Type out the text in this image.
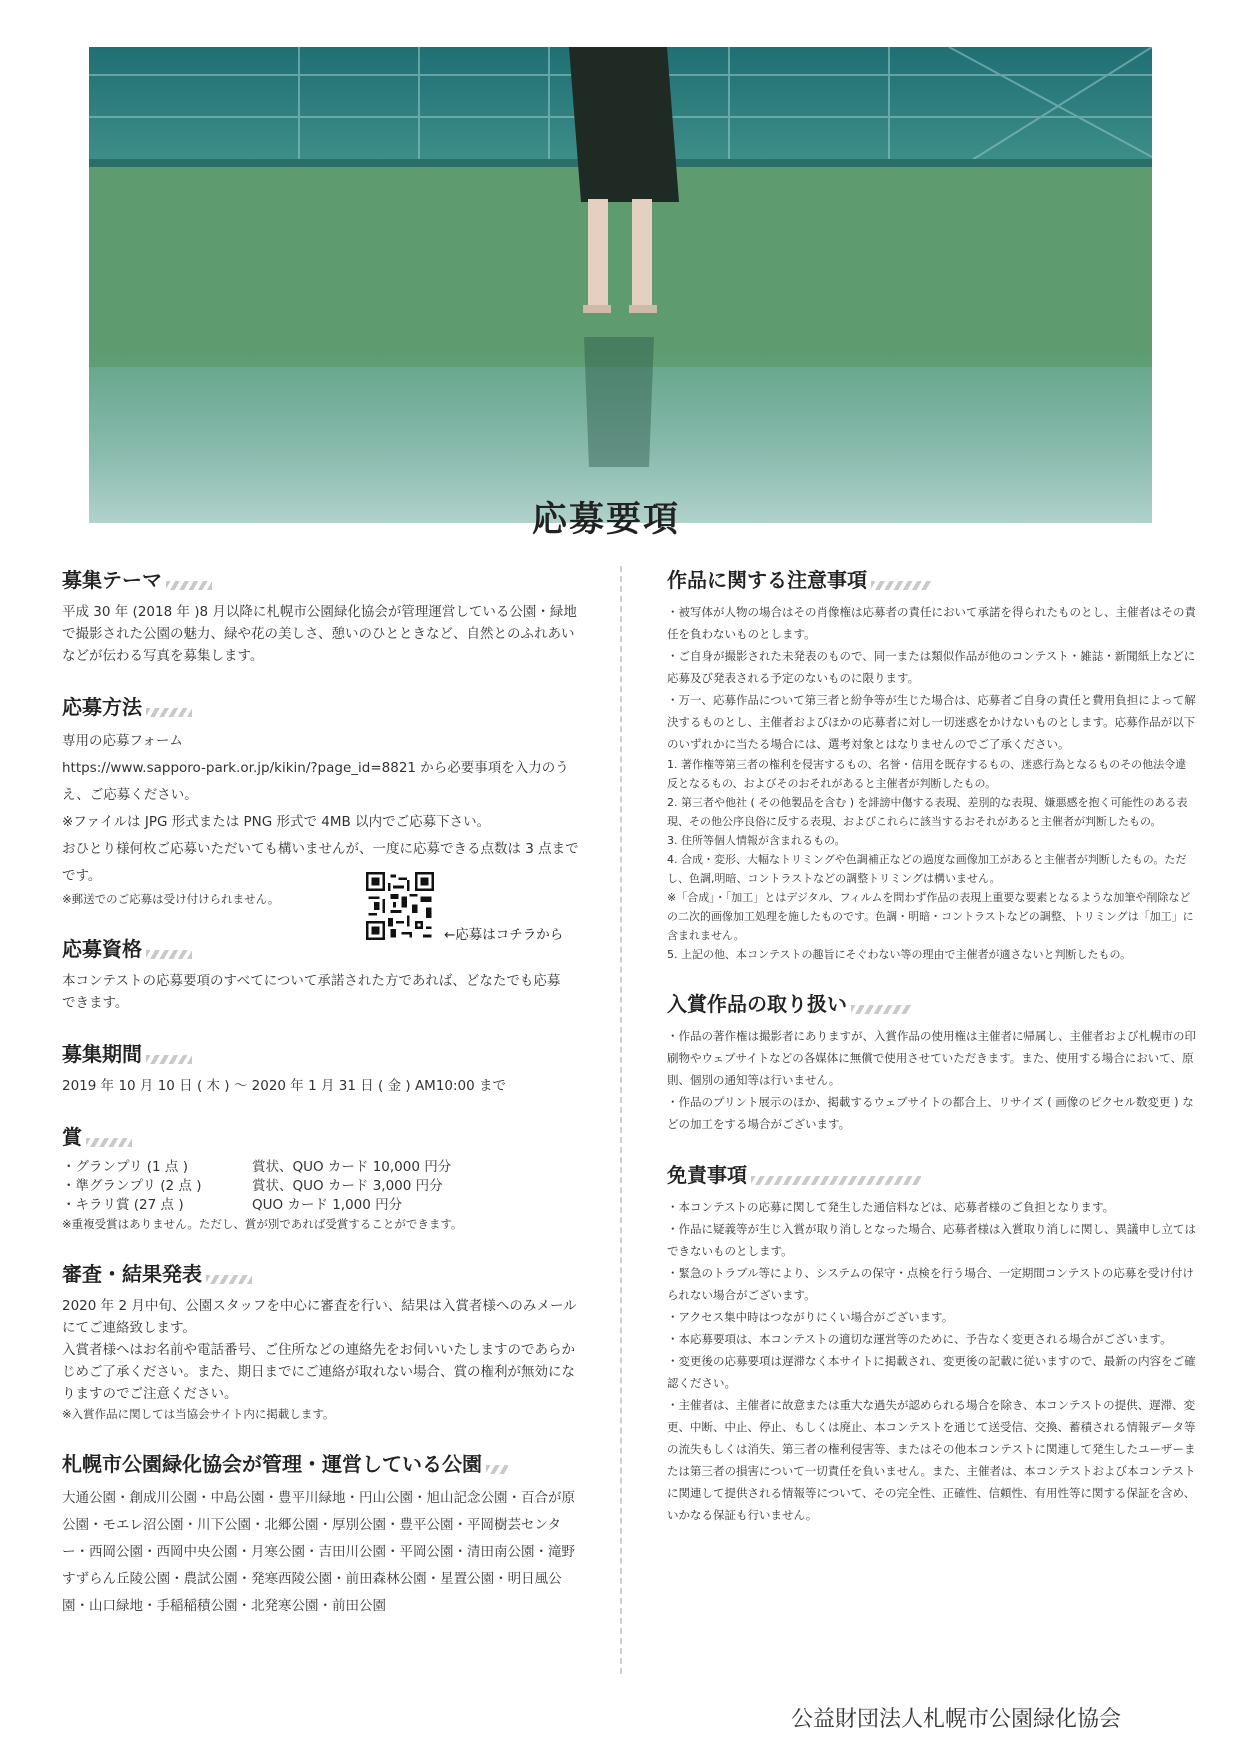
応募要項
募集テーマ

平成 30 年 (2018 年 )8 月以降に札幌市公園緑化協会が管理運営している公園・緑地で撮影された公園の魅力、緑や花の美しさ、憩いのひとときなど、自然とのふれあいなどが伝わる写真を募集します。

応募方法

専用の応募フォーム

https://www.sapporo-park.or.jp/kikin/?page_id=8821 から必要事項を入力のうえ、ご応募ください。

※ファイルは JPG 形式または PNG 形式で 4MB 以内でご応募下さい。

おひとり様何枚ご応募いただいても構いませんが、一度に応募できる点数は 3 点までです。

※郵送でのご応募は受け付けられません。

応募資格

本コンテストの応募要項のすべてについて承諾された方であれば、どなたでも応募できます。

募集期間

2019 年 10 月 10 日 ( 木 ) ～ 2020 年 1 月 31 日 ( 金 ) AM10:00 まで

賞
・グランプリ (1 点 )	賞状、QUO カード 10,000 円分
・準グランプリ (2 点 )	賞状、QUO カード 3,000 円分
・キラリ賞 (27 点 )	QUO カード 1,000 円分

※重複受賞はありません。ただし、賞が別であれば受賞することができます。

審査・結果発表

2020 年 2 月中旬、公園スタッフを中心に審査を行い、結果は入賞者様へのみメールにてご連絡致します。

入賞者様へはお名前や電話番号、ご住所などの連絡先をお伺いいたしますのであらかじめご了承ください。また、期日までにご連絡が取れない場合、賞の権利が無効になりますのでご注意ください。

※入賞作品に関しては当協会サイト内に掲載します。

札幌市公園緑化協会が管理・運営している公園

大通公園・創成川公園・中島公園・豊平川緑地・円山公園・旭山記念公園・百合が原公園・モエレ沼公園・川下公園・北郷公園・厚別公園・豊平公園・平岡樹芸センター・西岡公園・西岡中央公園・月寒公園・吉田川公園・平岡公園・清田南公園・滝野すずらん丘陵公園・農試公園・発寒西陵公園・前田森林公園・星置公園・明日風公園・山口緑地・手稲稲積公園・北発寒公園・前田公園

←応募はコチラから
作品に関する注意事項

・被写体が人物の場合はその肖像権は応募者の責任において承諾を得られたものとし、主催者はその責任を負わないものとします。

・ご自身が撮影された未発表のもので、同一または類似作品が他のコンテスト・雑誌・新聞紙上などに応募及び発表される予定のないものに限ります。

・万一、応募作品について第三者と紛争等が生じた場合は、応募者ご自身の責任と費用負担によって解決するものとし、主催者およびほかの応募者に対し一切迷惑をかけないものとします。応募作品が以下のいずれかに当たる場合には、選考対象とはなりませんのでご了承ください。

1. 著作権等第三者の権利を侵害するもの、名誉・信用を既存するもの、迷惑行為となるものその他法令違反となるもの、およびそのおそれがあると主催者が判断したもの。

2. 第三者や他社 ( その他製品を含む ) を誹謗中傷する表現、差別的な表現、嫌悪感を抱く可能性のある表現、その他公序良俗に反する表現、およびこれらに該当するおそれがあると主催者が判断したもの。

3. 住所等個人情報が含まれるもの。

4. 合成・変形、大幅なトリミングや色調補正などの過度な画像加工があると主催者が判断したもの。ただし、色調,明暗、コントラストなどの調整トリミングは構いません。

※「合成」・「加工」とはデジタル、フィルムを問わず作品の表現上重要な要素となるような加筆や削除などの二次的画像加工処理を施したものです。色調・明暗・コントラストなどの調整、トリミングは「加工」に含まれません。

5. 上記の他、本コンテストの趣旨にそぐわない等の理由で主催者が適さないと判断したもの。

入賞作品の取り扱い

・作品の著作権は撮影者にありますが、入賞作品の使用権は主催者に帰属し、主催者および札幌市の印刷物やウェブサイトなどの各媒体に無償で使用させていただきます。また、使用する場合において、原則、個別の通知等は行いません。

・作品のプリント展示のほか、掲載するウェブサイトの都合上、リサイズ ( 画像のピクセル数変更 ) などの加工をする場合がございます。

免責事項

・本コンテストの応募に関して発生した通信料などは、応募者様のご負担となります。

・作品に疑義等が生じ入賞が取り消しとなった場合、応募者様は入賞取り消しに関し、異議申し立てはできないものとします。

・緊急のトラブル等により、システムの保守・点検を行う場合、一定期間コンテストの応募を受け付けられない場合がございます。

・アクセス集中時はつながりにくい場合がございます。

・本応募要項は、本コンテストの適切な運営等のために、予告なく変更される場合がございます。

・変更後の応募要項は遅滞なく本サイトに掲載され、変更後の記載に従いますので、最新の内容をご確認ください。

・主催者は、主催者に故意または重大な過失が認められる場合を除き、本コンテストの提供、遅滞、変更、中断、中止、停止、もしくは廃止、本コンテストを通じて送受信、交換、蓄積される情報データ等の流失もしくは消失、第三者の権利侵害等、またはその他本コンテストに関連して発生したユーザーまたは第三者の損害について一切責任を負いません。また、主催者は、本コンテストおよび本コンテストに関連して提供される情報等について、その完全性、正確性、信頼性、有用性等に関する保証を含め、いかなる保証も行いません。

公益財団法人札幌市公園緑化協会
